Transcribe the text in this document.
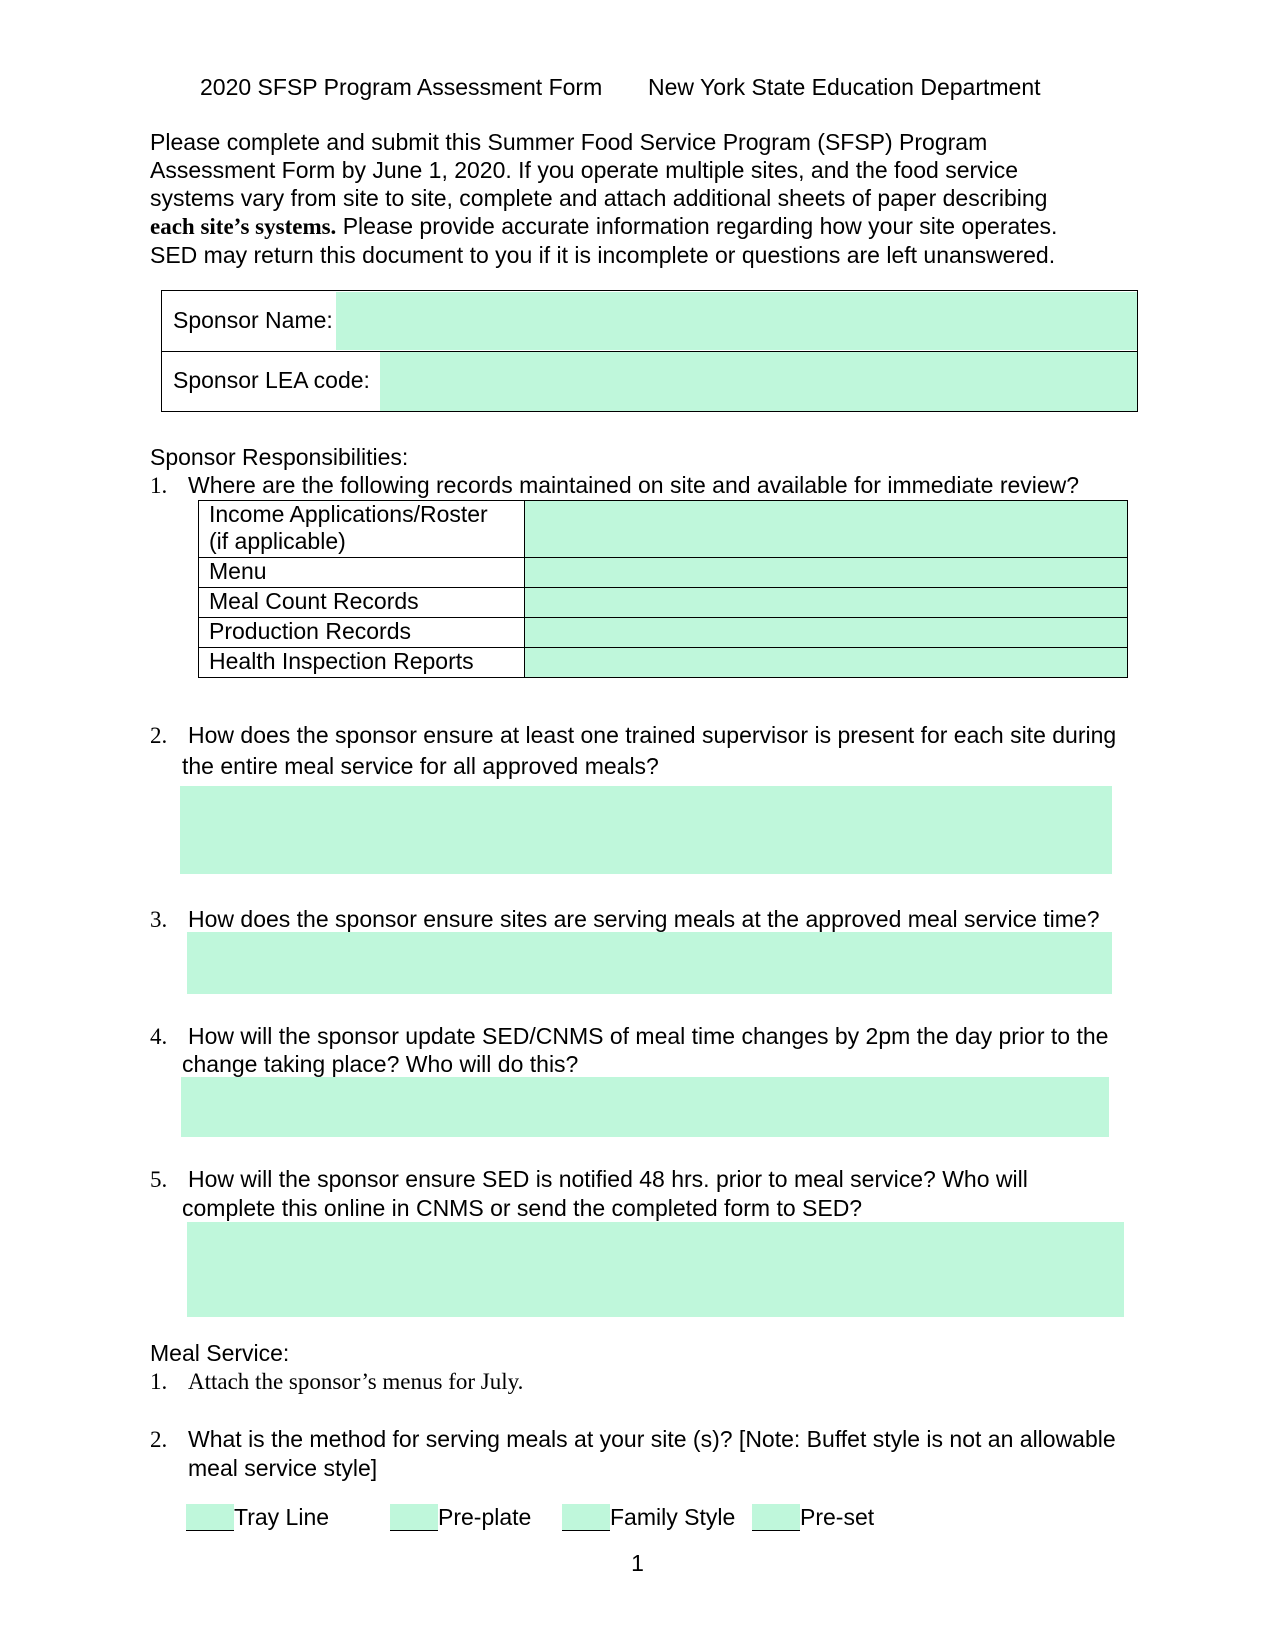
2020 SFSP Program Assessment Form New York State Education Department
Please complete and submit this Summer Food Service Program (SFSP) Program
Assessment Form by June 1, 2020. If you operate multiple sites, and the food service
systems vary from site to site, complete and attach additional sheets of paper describing
each site’s systems. Please provide accurate information regarding how your site operates.
SED may return this document to you if it is incomplete or questions are left unanswered.
Sponsor Name:
Sponsor LEA code:
Sponsor Responsibilities:
1. Where are the following records maintained on site and available for immediate review?
Income Applications/Roster
(if applicable)	
Menu	
Meal Count Records	
Production Records	
Health Inspection Reports	
2. How does the sponsor ensure at least one trained supervisor is present for each site during
the entire meal service for all approved meals?
3. How does the sponsor ensure sites are serving meals at the approved meal service time?
4. How will the sponsor update SED/CNMS of meal time changes by 2pm the day prior to the
change taking place? Who will do this?
5. How will the sponsor ensure SED is notified 48 hrs. prior to meal service? Who will
complete this online in CNMS or send the completed form to SED?
Meal Service:
1. Attach the sponsor’s menus for July.
2. What is the method for serving meals at your site (s)? [Note: Buffet style is not an allowable
meal service style]
Tray Line	Pre-plate	Family Style	Pre-set
1
